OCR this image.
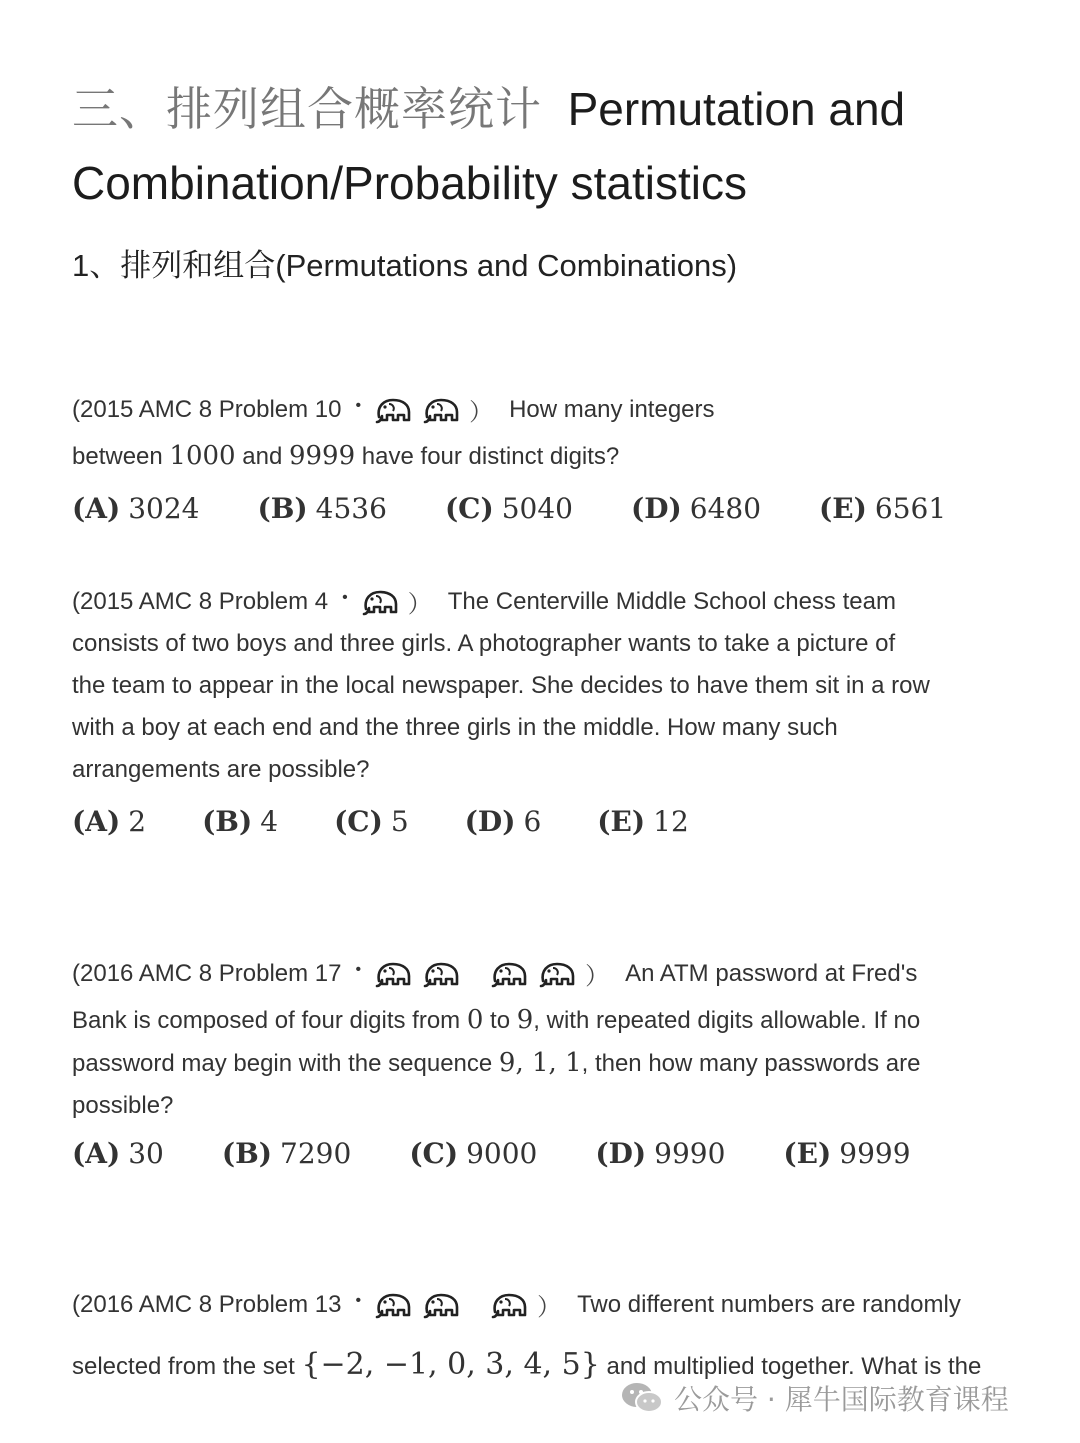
三、排列组合概率统计 Permutation and Combination/Probability statistics
1、排列和组合(Permutations and Combinations)
(2015 AMC 8 Problem 10 •	） How many integers
between 1000 and 9999 have four distinct digits?
(A) 3024 (B) 4536 (C) 5040 (D) 6480 (E) 6561
(2015 AMC 8 Problem 4 •	） The Centerville Middle School chess team
consists of two boys and three girls. A photographer wants to take a picture of
the team to appear in the local newspaper. She decides to have them sit in a row
with a boy at each end and the three girls in the middle. How many such
arrangements are possible?
(A) 2 (B) 4 (C) 5 (D) 6 (E) 12
(2016 AMC 8 Problem 17 •	） An ATM password at Fred's
Bank is composed of four digits from 0 to 9, with repeated digits allowable. If no
password may begin with the sequence 9, 1, 1, then how many passwords are
possible?
(A) 30 (B) 7290 (C) 9000 (D) 9990 (E) 9999
(2016 AMC 8 Problem 13 •	） Two different numbers are randomly
selected from the set {−2, −1, 0, 3, 4, 5} and multiplied together. What is the
公众号 ·
犀牛国际教育课程
